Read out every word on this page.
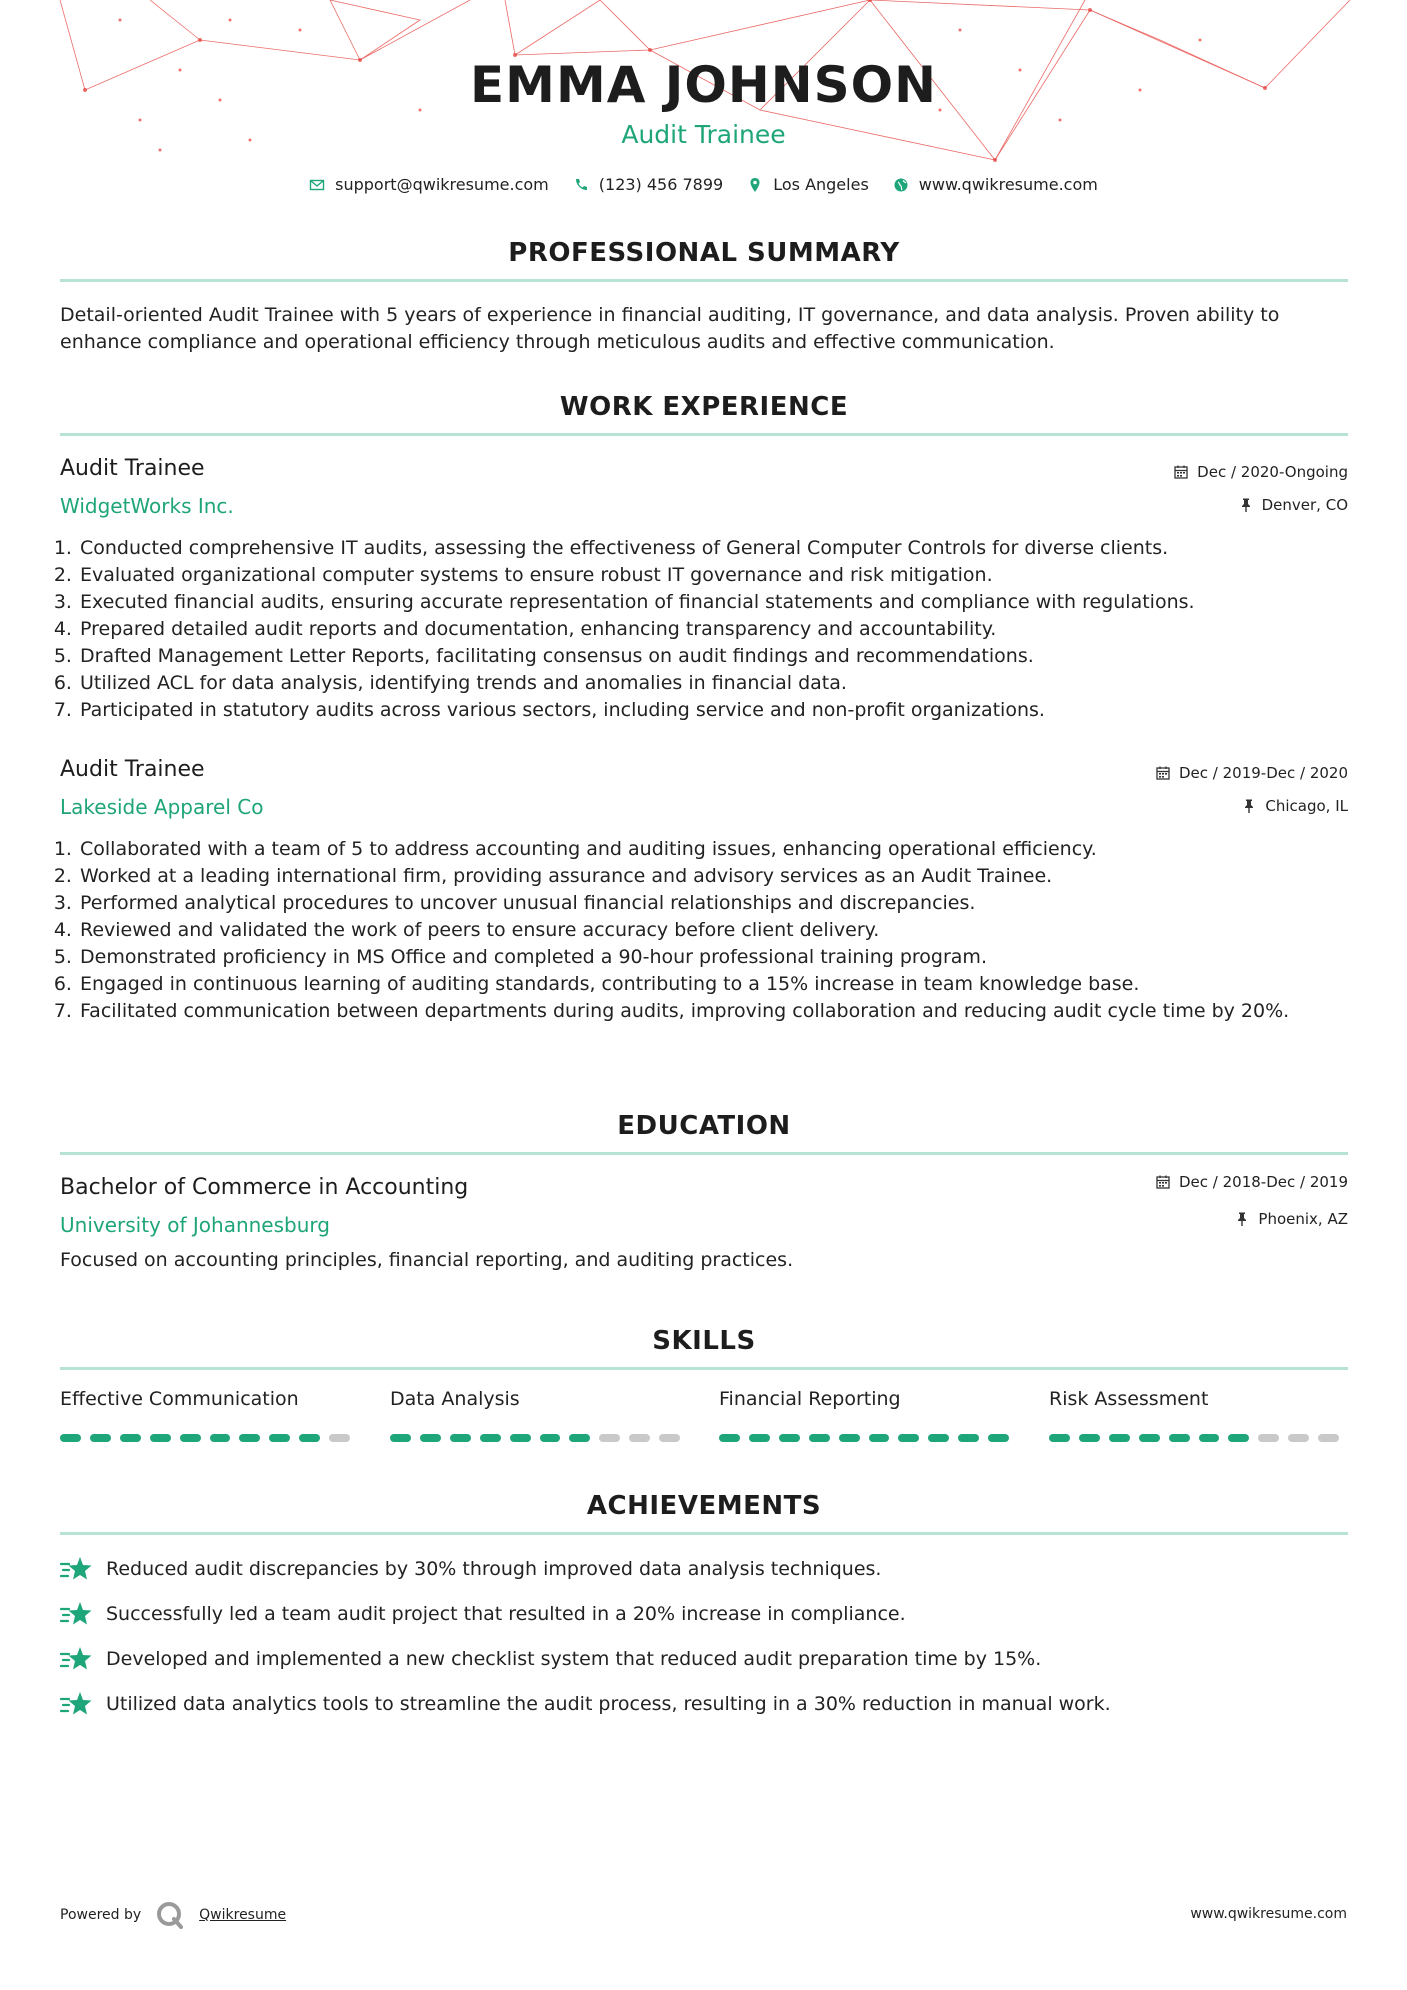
EMMA JOHNSON
Audit Trainee
support@qwikresume.com	(123) 456 7899	Los Angeles	www.qwikresume.com
PROFESSIONAL SUMMARY
Detail-oriented Audit Trainee with 5 years of experience in financial auditing, IT governance, and data analysis. Proven ability to enhance compliance and operational efficiency through meticulous audits and effective communication.
WORK EXPERIENCE
Audit Trainee
WidgetWorks Inc.
Dec / 2020-Ongoing
Denver, CO
1. Conducted comprehensive IT audits, assessing the effectiveness of General Computer Controls for diverse clients.
2. Evaluated organizational computer systems to ensure robust IT governance and risk mitigation.
3. Executed financial audits, ensuring accurate representation of financial statements and compliance with regulations.
4. Prepared detailed audit reports and documentation, enhancing transparency and accountability.
5. Drafted Management Letter Reports, facilitating consensus on audit findings and recommendations.
6. Utilized ACL for data analysis, identifying trends and anomalies in financial data.
7. Participated in statutory audits across various sectors, including service and non-profit organizations.
Audit Trainee
Lakeside Apparel Co
Dec / 2019-Dec / 2020
Chicago, IL
1. Collaborated with a team of 5 to address accounting and auditing issues, enhancing operational efficiency.
2. Worked at a leading international firm, providing assurance and advisory services as an Audit Trainee.
3. Performed analytical procedures to uncover unusual financial relationships and discrepancies.
4. Reviewed and validated the work of peers to ensure accuracy before client delivery.
5. Demonstrated proficiency in MS Office and completed a 90-hour professional training program.
6. Engaged in continuous learning of auditing standards, contributing to a 15% increase in team knowledge base.
7. Facilitated communication between departments during audits, improving collaboration and reducing audit cycle time by 20%.
EDUCATION
Bachelor of Commerce in Accounting
University of Johannesburg
Dec / 2018-Dec / 2019
Phoenix, AZ
Focused on accounting principles, financial reporting, and auditing practices.
SKILLS
Effective Communication	Data Analysis	Financial Reporting	Risk Assessment
ACHIEVEMENTS
Reduced audit discrepancies by 30% through improved data analysis techniques.
Successfully led a team audit project that resulted in a 20% increase in compliance.
Developed and implemented a new checklist system that reduced audit preparation time by 15%.
Utilized data analytics tools to streamline the audit process, resulting in a 30% reduction in manual work.
Powered by	Qwikresume	www.qwikresume.com
